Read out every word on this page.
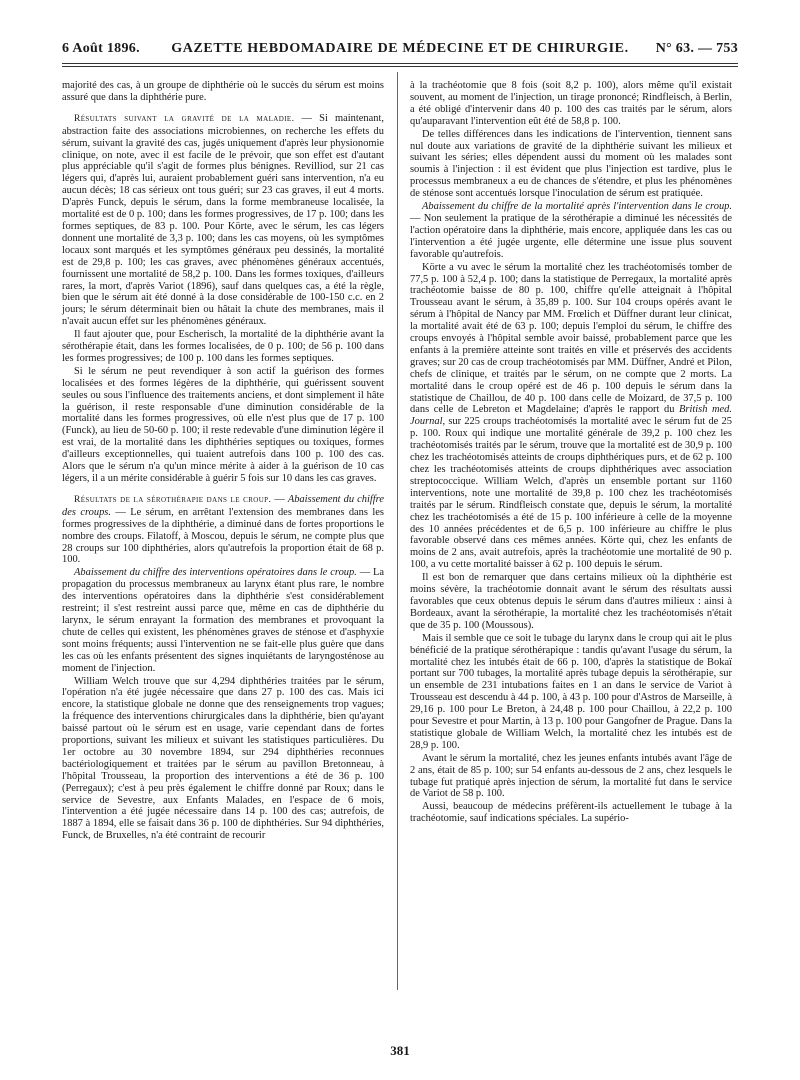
6 Août 1896.	GAZETTE HEBDOMADAIRE DE MÉDECINE ET DE CHIRURGIE.	N° 63. — 753

majorité des cas, à un groupe de diphthérie où le succès du sérum est moins assuré que dans la diphthérie pure.

Résultats suivant la gravité de la maladie. — Si maintenant, abstraction faite des associations microbiennes, on recherche les effets du sérum, suivant la gravité des cas, jugés uniquement d'après leur physionomie clinique, on note, avec il est facile de le prévoir, que son effet est d'autant plus appréciable qu'il s'agit de formes plus bénignes. Revilliod, sur 21 cas légers qui, d'après lui, auraient probablement guéri sans intervention, n'a eu aucun décès; 18 cas sérieux ont tous guéri; sur 23 cas graves, il eut 4 morts. D'après Funck, depuis le sérum, dans la forme membraneuse localisée, la mortalité est de 0 p. 100; dans les formes progressives, de 17 p. 100; dans les formes septiques, de 83 p. 100. Pour Körte, avec le sérum, les cas légers donnent une mortalité de 3,3 p. 100; dans les cas moyens, où les symptômes locaux sont marqués et les symptômes généraux peu dessinés, la mortalité est de 29,8 p. 100; les cas graves, avec phénomènes généraux accentués, fournissent une mortalité de 58,2 p. 100. Dans les formes toxiques, d'ailleurs rares, la mort, d'après Variot (1896), sauf dans quelques cas, a été la règle, bien que le sérum ait été donné à la dose considérable de 100-150 c.c. en 2 jours; le sérum déterminait bien ou hâtait la chute des membranes, mais il n'avait aucun effet sur les phénomènes généraux.

Il faut ajouter que, pour Escherisch, la mortalité de la diphthérie avant la sérothérapie était, dans les formes localisées, de 0 p. 100; de 56 p. 100 dans les formes progressives; de 100 p. 100 dans les formes septiques.

Si le sérum ne peut revendiquer à son actif la guérison des formes localisées et des formes légères de la diphthérie, qui guérissent souvent seules ou sous l'influence des traitements anciens, et dont simplement il hâte la guérison, il reste responsable d'une diminution considérable de la mortalité dans les formes progressives, où elle n'est plus que de 17 p. 100 (Funck), au lieu de 50-60 p. 100; il reste redevable d'une diminution légère il est vrai, de la mortalité dans les diphthéries septiques ou toxiques, formes d'ailleurs exceptionnelles, qui tuaient autrefois dans 100 p. 100 des cas. Alors que le sérum n'a qu'un mince mérite à aider à la guérison de 10 cas légers, il a un mérite considérable à guérir 5 fois sur 10 dans les cas graves.

Résultats de la sérothérapie dans le croup. — Abaissement du chiffre des croups. — Le sérum, en arrêtant l'extension des membranes dans les formes progressives de la diphthérie, a diminué dans de fortes proportions le nombre des croups. Filatoff, à Moscou, depuis le sérum, ne compte plus que 28 croups sur 100 diphthéries, alors qu'autrefois la proportion était de 68 p. 100.

Abaissement du chiffre des interventions opératoires dans le croup. — La propagation du processus membraneux au larynx étant plus rare, le nombre des interventions opératoires dans la diphthérie s'est considérablement restreint; il s'est restreint aussi parce que, même en cas de diphthérie du larynx, le sérum enrayant la formation des membranes et provoquant la chute de celles qui existent, les phénomènes graves de sténose et d'asphyxie sont moins fréquents; aussi l'intervention ne se fait-elle plus guère que dans les cas où les enfants présentent des signes inquiétants de laryngosténose au moment de l'injection.

William Welch trouve que sur 4,294 diphthéries traitées par le sérum, l'opération n'a été jugée nécessaire que dans 27 p. 100 des cas. Mais ici encore, la statistique globale ne donne que des renseignements trop vagues; la fréquence des interventions chirurgicales dans la diphthérie, bien qu'ayant baissé partout où le sérum est en usage, varie cependant dans de fortes proportions, suivant les milieux et suivant les statistiques particulières. Du 1er octobre au 30 novembre 1894, sur 294 diphthéries reconnues bactériologiquement et traitées par le sérum au pavillon Bretonneau, à l'hôpital Trousseau, la proportion des interventions a été de 36 p. 100 (Perregaux); c'est à peu près également le chiffre donné par Roux; dans le service de Sevestre, aux Enfants Malades, en l'espace de 6 mois, l'intervention a été jugée nécessaire dans 14 p. 100 des cas; autrefois, de 1887 à 1894, elle se faisait dans 36 p. 100 de diphthéries. Sur 94 diphthéries, Funck, de Bruxelles, n'a été contraint de recourir

à la trachéotomie que 8 fois (soit 8,2 p. 100), alors même qu'il existait souvent, au moment de l'injection, un tirage prononcé; Rindfleisch, à Berlin, a été obligé d'intervenir dans 40 p. 100 des cas traités par le sérum, alors qu'auparavant l'intervention eût été de 58,8 p. 100.

De telles différences dans les indications de l'intervention, tiennent sans nul doute aux variations de gravité de la diphthérie suivant les milieux et suivant les séries; elles dépendent aussi du moment où les malades sont soumis à l'injection : il est évident que plus l'injection est tardive, plus le processus membraneux a eu de chances de s'étendre, et plus les phénomènes de sténose sont accentués lorsque l'inoculation de sérum est pratiquée.

Abaissement du chiffre de la mortalité après l'intervention dans le croup. — Non seulement la pratique de la sérothérapie a diminué les nécessités de l'action opératoire dans la diphthérie, mais encore, appliquée dans les cas ou l'intervention a été jugée urgente, elle détermine une issue plus souvent favorable qu'autrefois.

Körte a vu avec le sérum la mortalité chez les trachéotomisés tomber de 77,5 p. 100 à 52,4 p. 100; dans la statistique de Perregaux, la mortalité après trachéotomie baisse de 80 p. 100, chiffre qu'elle atteignait à l'hôpital Trousseau avant le sérum, à 35,89 p. 100. Sur 104 croups opérés avant le sérum à l'hôpital de Nancy par MM. Frœlich et Düffner durant leur clinicat, la mortalité avait été de 63 p. 100; depuis l'emploi du sérum, le chiffre des croups envoyés à l'hôpital semble avoir baissé, probablement parce que les enfants à la première atteinte sont traités en ville et préservés des accidents graves; sur 20 cas de croup trachéotomisés par MM. Düffner, André et Pilon, chefs de clinique, et traités par le sérum, on ne compte que 2 morts. La mortalité dans le croup opéré est de 46 p. 100 depuis le sérum dans la statistique de Chaillou, de 40 p. 100 dans celle de Moizard, de 37,5 p. 100 dans celle de Lebreton et Magdelaine; d'après le rapport du British med. Journal, sur 225 croups trachéotomisés la mortalité avec le sérum fut de 25 p. 100. Roux qui indique une mortalité générale de 39,2 p. 100 chez les trachéotomisés traités par le sérum, trouve que la mortalité est de 30,9 p. 100 chez les trachéotomisés atteints de croups diphthériques purs, et de 62 p. 100 chez les trachéotomisés atteints de croups diphthériques avec association streptococcique. William Welch, d'après un ensemble portant sur 1160 interventions, note une mortalité de 39,8 p. 100 chez les trachéotomisés traités par le sérum. Rindfleisch constate que, depuis le sérum, la mortalité chez les trachéotomisés a été de 15 p. 100 inférieure à celle de la moyenne des 10 années précédentes et de 6,5 p. 100 inférieure au chiffre le plus favorable observé dans ces mêmes années. Körte qui, chez les enfants de moins de 2 ans, avait autrefois, après la trachéotomie une mortalité de 90 p. 100, a vu cette mortalité baisser à 62 p. 100 depuis le sérum.

Il est bon de remarquer que dans certains milieux où la diphthérie est moins sévère, la trachéotomie donnait avant le sérum des résultats aussi favorables que ceux obtenus depuis le sérum dans d'autres milieux : ainsi à Bordeaux, avant la sérothérapie, la mortalité chez les trachéotomisés n'était que de 35 p. 100 (Moussous).

Mais il semble que ce soit le tubage du larynx dans le croup qui ait le plus bénéficié de la pratique sérothérapique : tandis qu'avant l'usage du sérum, la mortalité chez les intubés était de 66 p. 100, d'après la statistique de Bokaï portant sur 700 tubages, la mortalité après tubage depuis la sérothérapie, sur un ensemble de 231 intubations faites en 1 an dans le service de Variot à Trousseau est descendu à 44 p. 100, à 43 p. 100 pour d'Astros de Marseille, à 29,16 p. 100 pour Le Breton, à 24,48 p. 100 pour Chaillou, à 22,2 p. 100 pour Sevestre et pour Martin, à 13 p. 100 pour Gangofner de Prague. Dans la statistique globale de William Welch, la mortalité chez les intubés est de 28,9 p. 100.

Avant le sérum la mortalité, chez les jeunes enfants intubés avant l'âge de 2 ans, était de 85 p. 100; sur 54 enfants au-dessous de 2 ans, chez lesquels le tubage fut pratiqué après injection de sérum, la mortalité fut dans le service de Variot de 58 p. 100.

Aussi, beaucoup de médecins préfèrent-ils actuellement le tubage à la trachéotomie, sauf indications spéciales. La supério-

381
